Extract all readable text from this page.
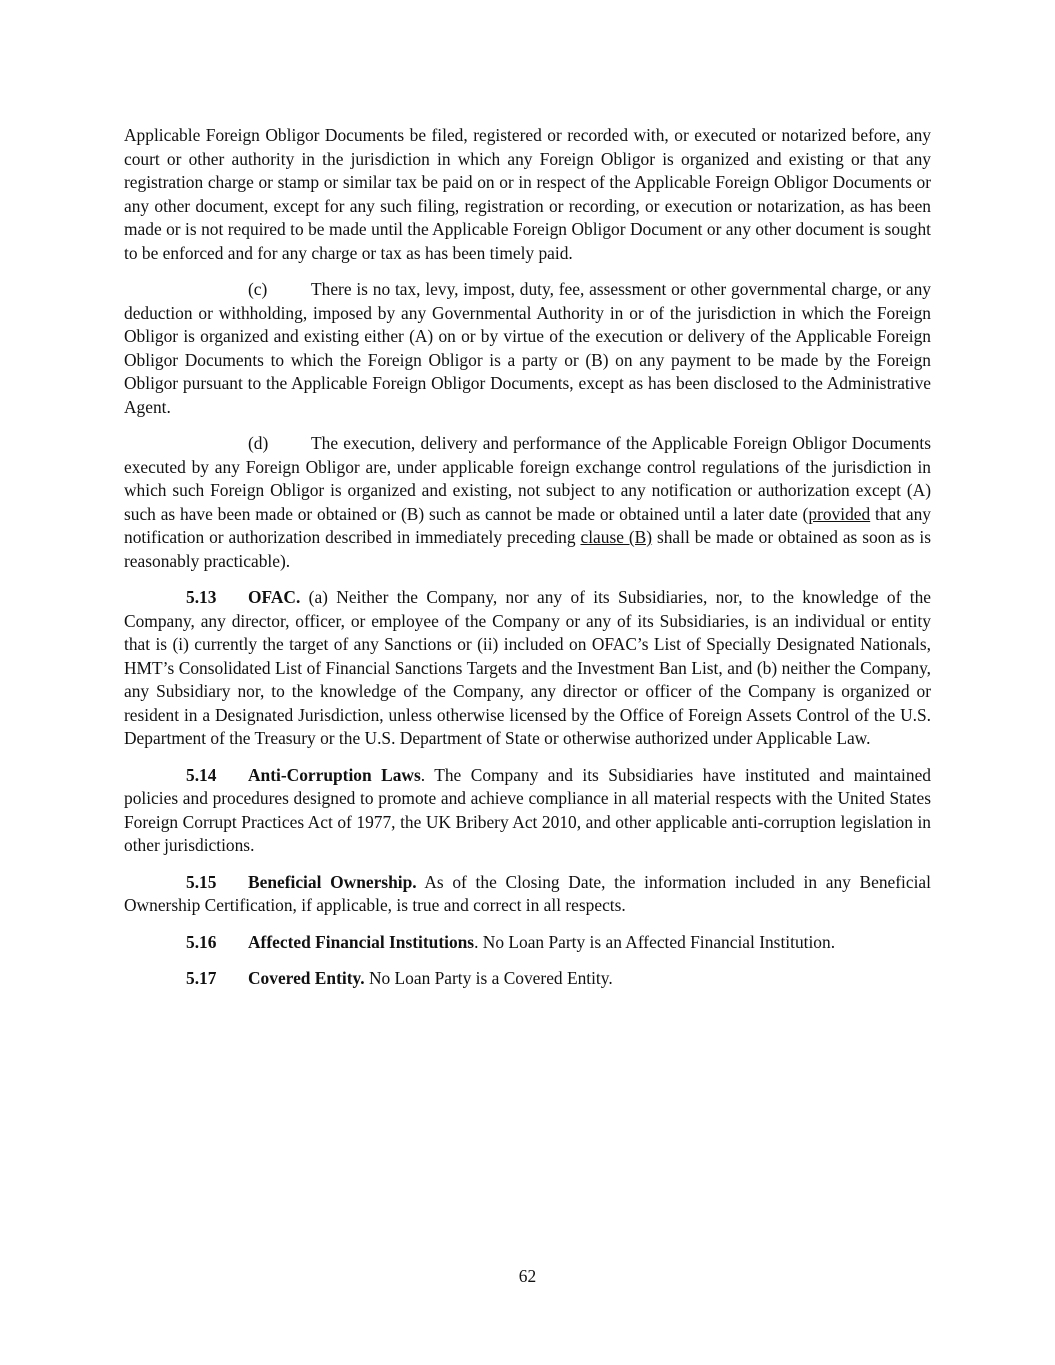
Applicable Foreign Obligor Documents be filed, registered or recorded with, or executed or notarized before, any court or other authority in the jurisdiction in which any Foreign Obligor is organized and existing or that any registration charge or stamp or similar tax be paid on or in respect of the Applicable Foreign Obligor Documents or any other document, except for any such filing, registration or recording, or execution or notarization, as has been made or is not required to be made until the Applicable Foreign Obligor Document or any other document is sought to be enforced and for any charge or tax as has been timely paid.

(c)	There is no tax, levy, impost, duty, fee, assessment or other governmental charge, or any deduction or withholding, imposed by any Governmental Authority in or of the jurisdiction in which the Foreign Obligor is organized and existing either (A) on or by virtue of the execution or delivery of the Applicable Foreign Obligor Documents to which the Foreign Obligor is a party or (B) on any payment to be made by the Foreign Obligor pursuant to the Applicable Foreign Obligor Documents, except as has been disclosed to the Administrative Agent.

(d) The execution, delivery and performance of the Applicable Foreign Obligor Documents executed by any Foreign Obligor are, under applicable foreign exchange control regulations of the jurisdiction in which such Foreign Obligor is organized and existing, not subject to any notification or authorization except (A) such as have been made or obtained or (B) such as cannot be made or obtained until a later date (provided that any notification or authorization described in immediately preceding clause (B) shall be made or obtained as soon as is reasonably practicable).

5.13 OFAC. (a) Neither the Company, nor any of its Subsidiaries, nor, to the knowledge of the Company, any director, officer, or employee of the Company or any of its Subsidiaries, is an individual or entity that is (i) currently the target of any Sanctions or (ii) included on OFAC’s List of Specially Designated Nationals, HMT’s Consolidated List of Financial Sanctions Targets and the Investment Ban List, and (b) neither the Company, any Subsidiary nor, to the knowledge of the Company, any director or officer of the Company is organized or resident in a Designated Jurisdiction, unless otherwise licensed by the Office of Foreign Assets Control of the U.S. Department of the Treasury or the U.S. Department of State or otherwise authorized under Applicable Law.

5.14 Anti-Corruption Laws. The Company and its Subsidiaries have instituted and maintained policies and procedures designed to promote and achieve compliance in all material respects with the United States Foreign Corrupt Practices Act of 1977, the UK Bribery Act 2010, and other applicable anti-corruption legislation in other jurisdictions.

5.15 Beneficial Ownership. As of the Closing Date, the information included in any Beneficial Ownership Certification, if applicable, is true and correct in all respects.

5.16 Affected Financial Institutions. No Loan Party is an Affected Financial Institution.

5.17 Covered Entity. No Loan Party is a Covered Entity.

62
